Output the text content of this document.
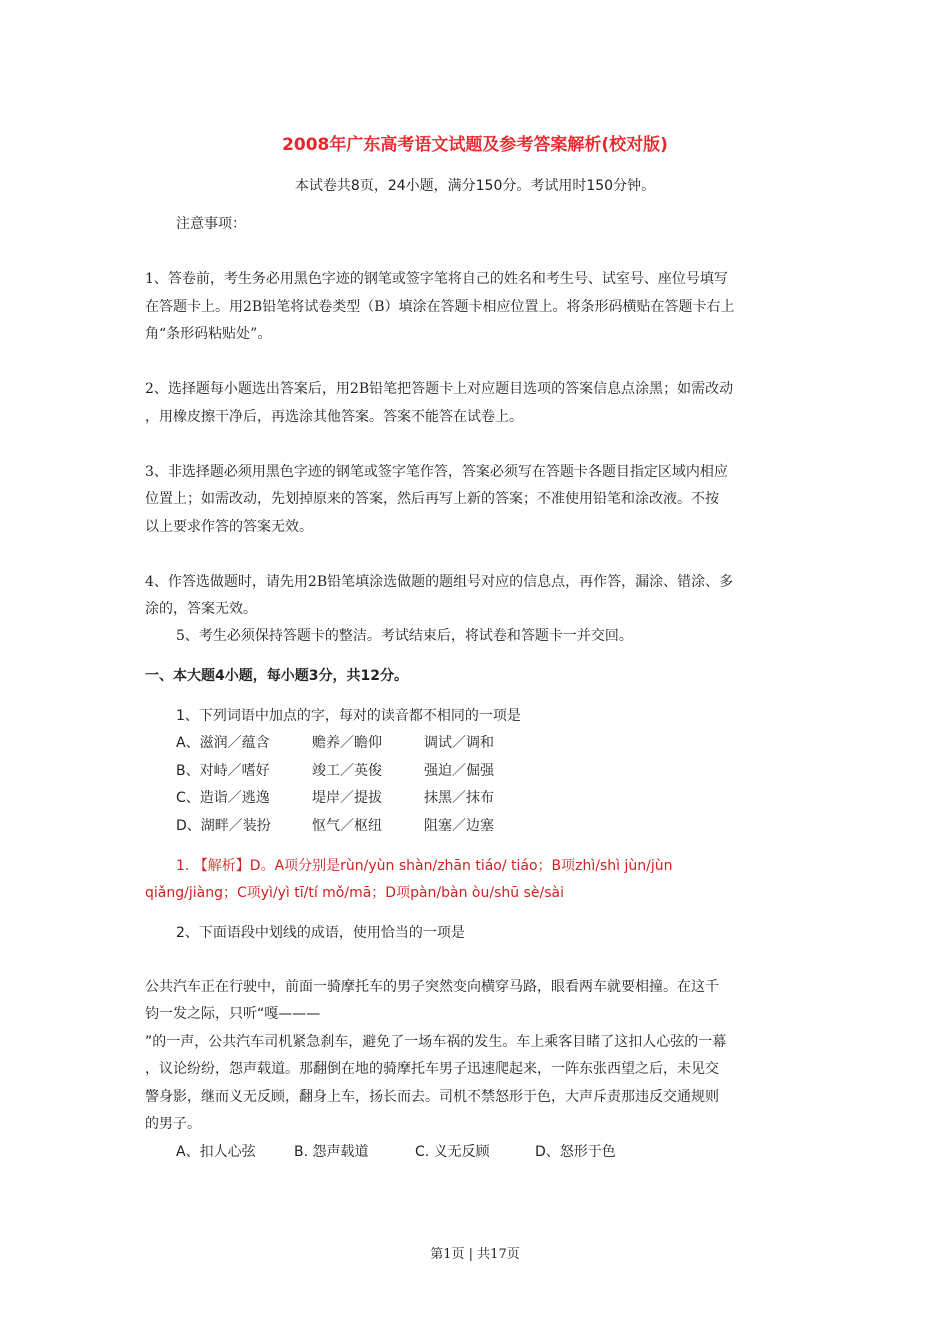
2008年广东高考语文试题及参考答案解析(校对版)
本试卷共8页，24小题，满分150分。考试用时150分钟。
注意事项：
1、答卷前，考生务必用黑色字迹的钢笔或签字笔将自己的姓名和考生号、试室号、座位号填写
在答题卡上。用2B铅笔将试卷类型（B）填涂在答题卡相应位置上。将条形码横贴在答题卡右上
角“条形码粘贴处”。
2、选择题每小题选出答案后，用2B铅笔把答题卡上对应题目选项的答案信息点涂黑；如需改动
，用橡皮擦干净后，再选涂其他答案。答案不能答在试卷上。
3、非选择题必须用黑色字迹的钢笔或签字笔作答，答案必须写在答题卡各题目指定区域内相应
位置上；如需改动，先划掉原来的答案，然后再写上新的答案；不准使用铅笔和涂改液。不按
以上要求作答的答案无效。
4、作答选做题时，请先用2B铅笔填涂选做题的题组号对应的信息点，再作答，漏涂、错涂、多
涂的，答案无效。
5、考生必须保持答题卡的整洁。考试结束后，将试卷和答题卡一并交回。
一、本大题4小题，每小题3分，共12分。
1、下列词语中加点的字，每对的读音都不相同的一项是
A、滋润／蕴含	赡养／瞻仰	调试／调和
B、对峙／嗜好	竣工／英俊	强迫／倔强
C、造诣／逃逸	堤岸／提拔	抹黑／抹布
D、湖畔／装扮	怄气／枢纽	阻塞／边塞
1. 【解析】D。A项分别是rùn/yùn shàn/zhān tiáo/ tiáo；B项zhì/shì jùn/jùn
qiǎng/jiàng；C项yì/yì tī/tí mǒ/mā；D项pàn/bàn òu/shū sè/sài
2、下面语段中划线的成语，使用恰当的一项是
公共汽车正在行驶中，前面一骑摩托车的男子突然变向横穿马路，眼看两车就要相撞。在这千
钧一发之际，只听“嘎———
”的一声，公共汽车司机紧急刹车，避免了一场车祸的发生。车上乘客目睹了这扣人心弦的一幕
，议论纷纷，怨声载道。那翻倒在地的骑摩托车男子迅速爬起来，一阵东张西望之后，未见交
警身影，继而义无反顾，翻身上车，扬长而去。司机不禁怒形于色，大声斥责那违反交通规则
的男子。
A、扣人心弦	B. 怨声载道	C. 义无反顾	D、怒形于色
第1页 | 共17页
